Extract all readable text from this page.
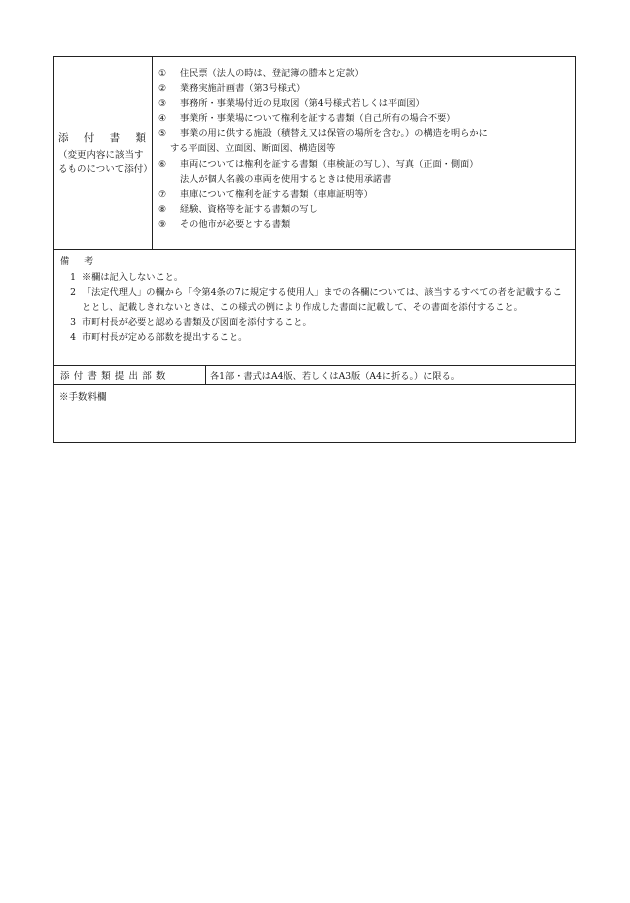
添 付 書 類
（変更内容に該当するものについて添付）
①	住民票（法人の時は、登記簿の謄本と定款）
②	業務実施計画書（第3号様式）
③	事務所・事業場付近の見取図（第4号様式若しくは平面図）
④	事業所・事業場について権利を証する書類（自己所有の場合不要）
⑤	事業の用に供する施設（積替え又は保管の場所を含む。）の構造を明らかに
する平面図、立面図、断面図、構造図等
⑥	車両については権利を証する書類（車検証の写し）、写真（正面・側面）
法人が個人名義の車両を使用するときは使用承諾書
⑦	車庫について権利を証する書類（車庫証明等）
⑧	経験、資格等を証する書類の写し
⑨	その他市が必要とする書類
備 考
1 ※欄は記入しないこと。
2 「法定代理人」の欄から「令第4条の7に規定する使用人」までの各欄については、該当するすべての者を記載することとし、記載しきれないときは、この様式の例により作成した書面に記載して、その書面を添付すること。
3 市町村長が必要と認める書類及び図面を添付すること。
4 市町村長が定める部数を提出すること。
添付書類提出部数	各1部・書式はA4版、若しくはA3版（A4に折る。）に限る。
※手数料欄
